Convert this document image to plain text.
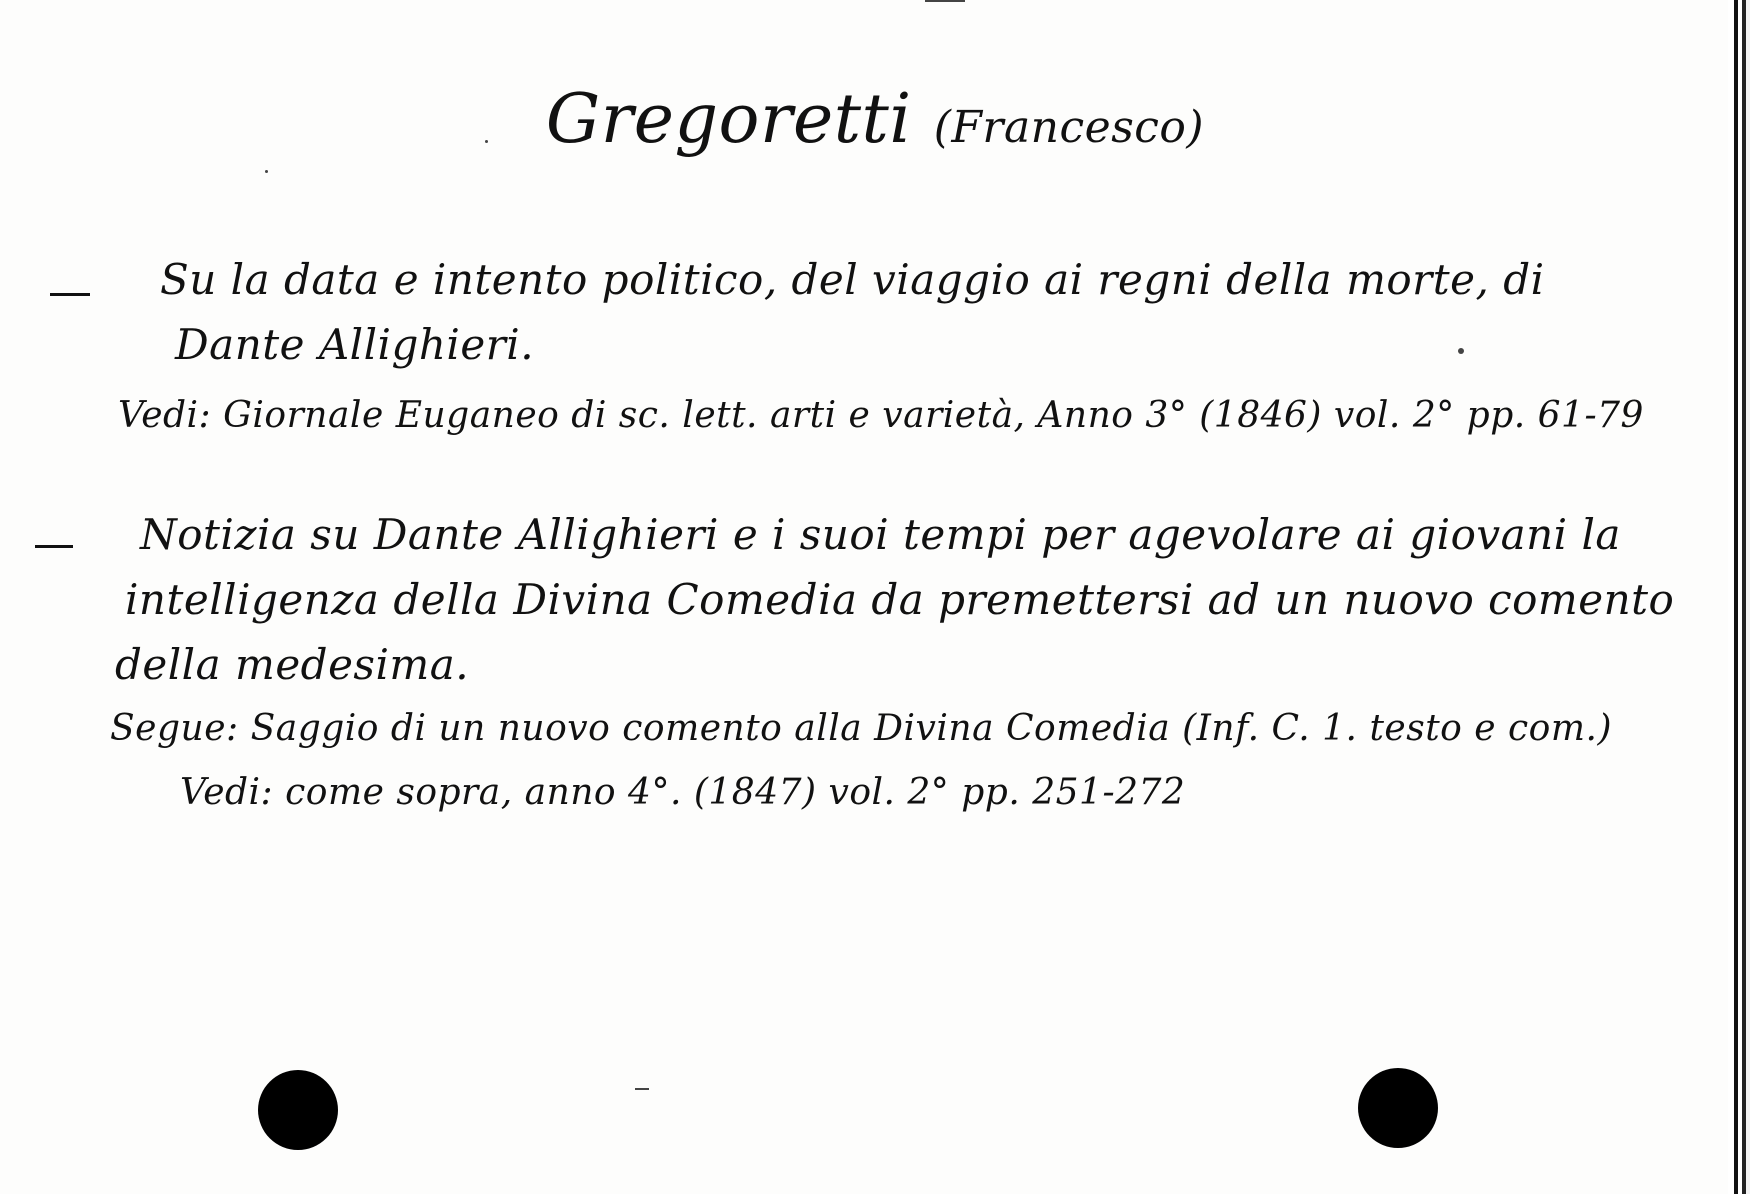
Gregoretti (Francesco)
Su la data e intento politico, del viaggio ai regni della morte, di
Dante Allighieri.
Vedi: Giornale Euganeo di sc. lett. arti e varietà, Anno 3° (1846) vol. 2° pp. 61-79
Notizia su Dante Allighieri e i suoi tempi per agevolare ai giovani la
intelligenza della Divina Comedia da premettersi ad un nuovo comento
della medesima.
Segue: Saggio di un nuovo comento alla Divina Comedia (Inf. C. 1. testo e com.)
Vedi: come sopra, anno 4°. (1847) vol. 2° pp. 251-272
